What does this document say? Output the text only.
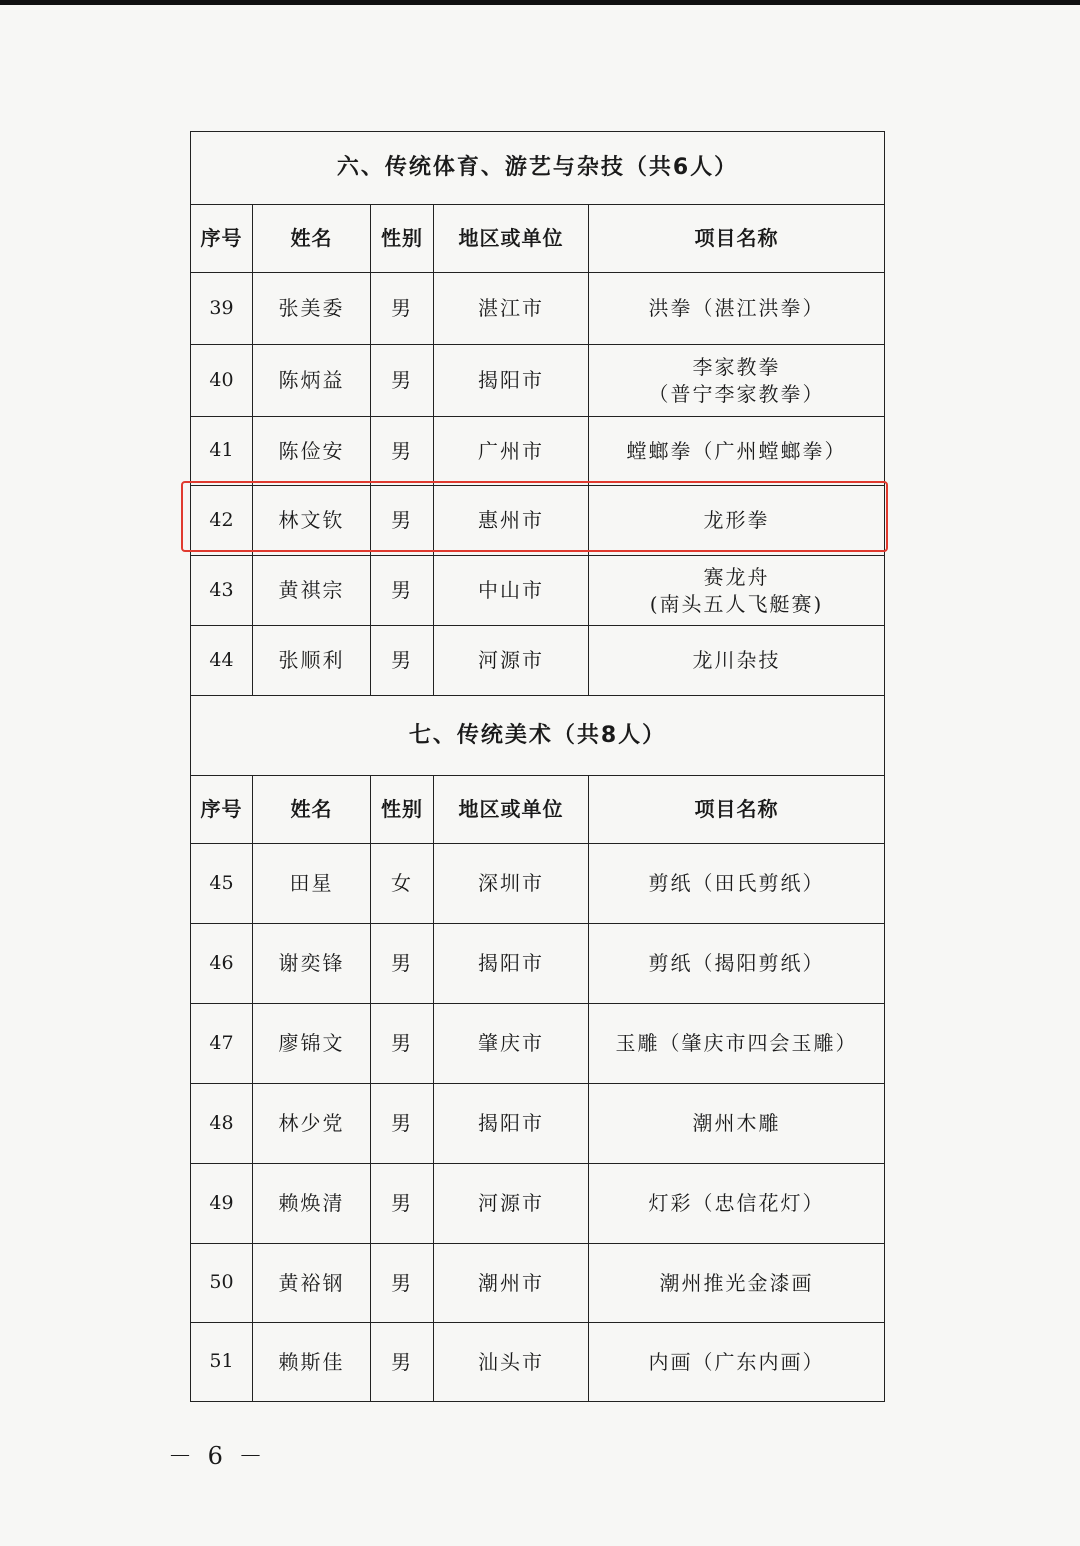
六、传统体育、游艺与杂技（共6人）				
序号	姓名	性别	地区或单位	项目名称
39	张美委	男	湛江市	洪拳（湛江洪拳）
40	陈炳益	男	揭阳市	李家教拳
（普宁李家教拳）

41	陈俭安	男	广州市	螳螂拳（广州螳螂拳）
42	林文钦	男	惠州市	龙形拳
43	黄祺宗	男	中山市	赛龙舟
(南头五人飞艇赛)

44	张顺利	男	河源市	龙川杂技
七、传统美术（共8人）				
序号	姓名	性别	地区或单位	项目名称
45	田星	女	深圳市	剪纸（田氏剪纸）
46	谢奕锋	男	揭阳市	剪纸（揭阳剪纸）
47	廖锦文	男	肇庆市	玉雕（肇庆市四会玉雕）
48	林少党	男	揭阳市	潮州木雕
49	赖焕清	男	河源市	灯彩（忠信花灯）
50	黄裕钢	男	潮州市	潮州推光金漆画
51	赖斯佳	男	汕头市	内画（广东内画）
－ 6 －
